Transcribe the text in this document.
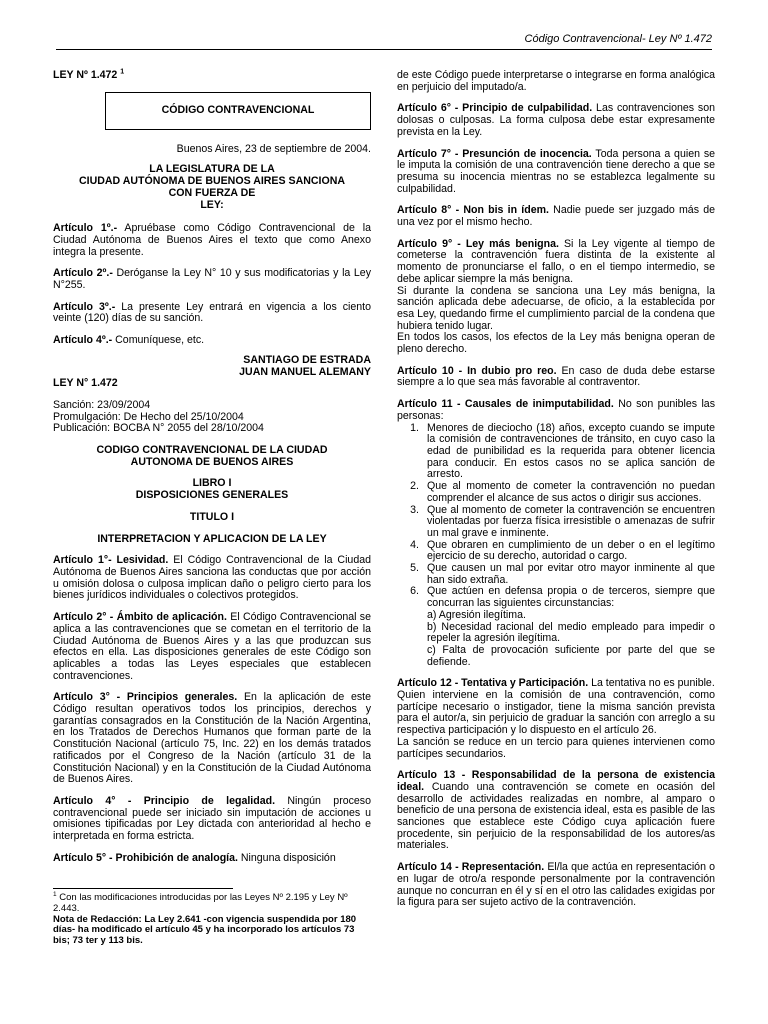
Código Contravencional- Ley Nº 1.472
LEY Nº 1.472 $^1$
CÓDIGO CONTRAVENCIONAL
Buenos Aires, 23 de septiembre de 2004.
LA LEGISLATURA DE LA
CIUDAD AUTÓNOMA DE BUENOS AIRES SANCIONA
CON FUERZA DE
LEY:

Artículo 1º.- Apruébase como Código Contravencional de la Ciudad Autónoma de Buenos Aires el texto que como Anexo integra la presente.

Artículo 2º.- Deróganse la Ley N° 10 y sus modificatorias y la Ley N°255.

Artículo 3º.- La presente Ley entrará en vigencia a los ciento veinte (120) días de su sanción.

Artículo 4º.- Comuníquese, etc.

SANTIAGO DE ESTRADA
JUAN MANUEL ALEMANY
LEY N° 1.472
Sanción: 23/09/2004
Promulgación: De Hecho del 25/10/2004
Publicación: BOCBA N° 2055 del 28/10/2004
CODIGO CONTRAVENCIONAL DE LA CIUDAD
AUTONOMA DE BUENOS AIRES
LIBRO I
DISPOSICIONES GENERALES
TITULO I
INTERPRETACION Y APLICACION DE LA LEY

Artículo 1°- Lesividad. El Código Contravencional de la Ciudad Autónoma de Buenos Aires sanciona las conductas que por acción u omisión dolosa o culposa implican daño o peligro cierto para los bienes jurídicos individuales o colectivos protegidos.

Artículo 2° - Ámbito de aplicación. El Código Contravencional se aplica a las contravenciones que se cometan en el territorio de la Ciudad Autónoma de Buenos Aires y a las que produzcan sus efectos en ella. Las disposiciones generales de este Código son aplicables a todas las Leyes especiales que establecen contravenciones.

Artículo 3° - Principios generales. En la aplicación de este Código resultan operativos todos los principios, derechos y garantías consagrados en la Constitución de la Nación Argentina, en los Tratados de Derechos Humanos que forman parte de la Constitución Nacional (artículo 75, Inc. 22) en los demás tratados ratificados por el Congreso de la Nación (artículo 31 de la Constitución Nacional) y en la Constitución de la Ciudad Autónoma de Buenos Aires.

Artículo 4° - Principio de legalidad. Ningún proceso contravencional puede ser iniciado sin imputación de acciones u omisiones tipificadas por Ley dictada con anterioridad al hecho e interpretada en forma estricta.

Artículo 5° - Prohibición de analogía. Ninguna disposición

$^1$ Con las modificaciones introducidas por las Leyes Nº 2.195 y Ley Nº 2.443.
Nota de Redacción: La Ley 2.641 -con vigencia suspendida por 180 días- ha modificado el artículo 45 y ha incorporado los artículos 73 bis; 73 ter y 113 bis.

de este Código puede interpretarse o integrarse en forma analógica en perjuicio del imputado/a.

Artículo 6° - Principio de culpabilidad. Las contravenciones son dolosas o culposas. La forma culposa debe estar expresamente prevista en la Ley.

Artículo 7° - Presunción de inocencia. Toda persona a quien se le imputa la comisión de una contravención tiene derecho a que se presuma su inocencia mientras no se establezca legalmente su culpabilidad.

Artículo 8° - Non bis in ídem. Nadie puede ser juzgado más de una vez por el mismo hecho.

Artículo 9° - Ley más benigna. Si la Ley vigente al tiempo de cometerse la contravención fuera distinta de la existente al momento de pronunciarse el fallo, o en el tiempo intermedio, se debe aplicar siempre la más benigna.

Si durante la condena se sanciona una Ley más benigna, la sanción aplicada debe adecuarse, de oficio, a la establecida por esa Ley, quedando firme el cumplimiento parcial de la condena que hubiera tenido lugar.

En todos los casos, los efectos de la Ley más benigna operan de pleno derecho.

Artículo 10 - In dubio pro reo. En caso de duda debe estarse siempre a lo que sea más favorable al contraventor.

Artículo 11 - Causales de inimputabilidad. No son punibles las personas:

1. Menores de dieciocho (18) años, excepto cuando se impute la comisión de contravenciones de tránsito, en cuyo caso la edad de punibilidad es la requerida para obtener licencia para conducir. En estos casos no se aplica sanción de arresto.
2. Que al momento de cometer la contravención no puedan comprender el alcance de sus actos o dirigir sus acciones.
3. Que al momento de cometer la contravención se encuentren violentadas por fuerza física irresistible o amenazas de sufrir un mal grave e inminente.
4. Que obraren en cumplimiento de un deber o en el legítimo ejercicio de su derecho, autoridad o cargo.
5. Que causen un mal por evitar otro mayor inminente al que han sido extraña.
6. Que actúen en defensa propia o de terceros, siempre que concurran las siguientes circunstancias:
a) Agresión ilegítima.
b) Necesidad racional del medio empleado para impedir o repeler la agresión ilegítima.
c) Falta de provocación suficiente por parte del que se defiende.

Artículo 12 - Tentativa y Participación. La tentativa no es punible.

Quien interviene en la comisión de una contravención, como partícipe necesario o instigador, tiene la misma sanción prevista para el autor/a, sin perjuicio de graduar la sanción con arreglo a su respectiva participación y lo dispuesto en el artículo 26.

La sanción se reduce en un tercio para quienes intervienen como partícipes secundarios.

Artículo 13 - Responsabilidad de la persona de existencia ideal. Cuando una contravención se comete en ocasión del desarrollo de actividades realizadas en nombre, al amparo o beneficio de una persona de existencia ideal, esta es pasible de las sanciones que establece este Código cuya aplicación fuere procedente, sin perjuicio de la responsabilidad de los autores/as materiales.

Artículo 14 - Representación. El/la que actúa en representación o en lugar de otro/a responde personalmente por la contravención aunque no concurran en él y sí en el otro las calidades exigidas por la figura para ser sujeto activo de la contravención.
